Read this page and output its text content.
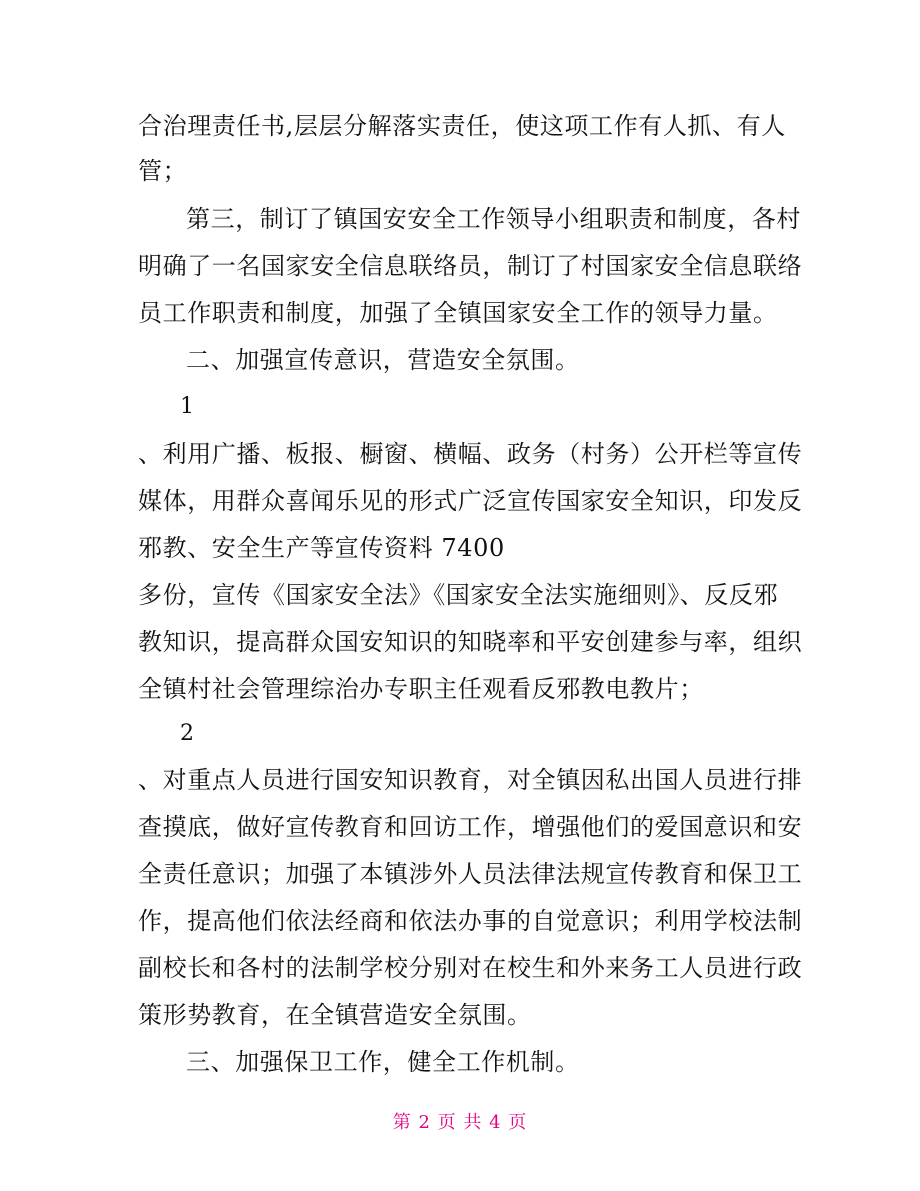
合治理责任书,层层分解落实责任，使这项工作有人抓、有人
管；
第三，制订了镇国安安全工作领导小组职责和制度，各村
明确了一名国家安全信息联络员，制订了村国家安全信息联络
员工作职责和制度，加强了全镇国家安全工作的领导力量。
二、加强宣传意识，营造安全氛围。
1
、利用广播、板报、橱窗、横幅、政务（村务）公开栏等宣传
媒体，用群众喜闻乐见的形式广泛宣传国家安全知识，印发反
邪教、安全生产等宣传资料 7400
多份，宣传《国家安全法》《国家安全法实施细则》、反反邪
教知识，提高群众国安知识的知晓率和平安创建参与率，组织
全镇村社会管理综治办专职主任观看反邪教电教片；
2
、对重点人员进行国安知识教育，对全镇因私出国人员进行排
查摸底，做好宣传教育和回访工作，增强他们的爱国意识和安
全责任意识；加强了本镇涉外人员法律法规宣传教育和保卫工
作，提高他们依法经商和依法办事的自觉意识；利用学校法制
副校长和各村的法制学校分别对在校生和外来务工人员进行政
策形势教育，在全镇营造安全氛围。
三、加强保卫工作，健全工作机制。
第 2 页 共 4 页
